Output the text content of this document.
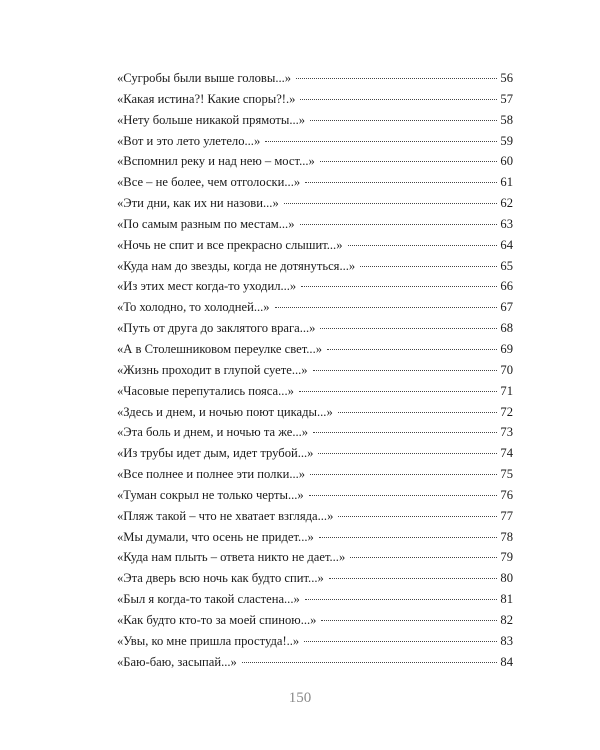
«Сугробы были выше головы...»	56
«Какая истина?! Какие споры?!.»	57
«Нету больше никакой прямоты...»	58
«Вот и это лето улетело...»	59
«Вспомнил реку и над нею – мост...»	60
«Все – не более, чем отголоски...»	61
«Эти дни, как их ни назови...»	62
«По самым разным по местам...»	63
«Ночь не спит и все прекрасно слышит...»	64
«Куда нам до звезды, когда не дотянуться...»	65
«Из этих мест когда-то уходил...»	66
«То холодно, то холодней...»	67
«Путь от друга до заклятого врага...»	68
«А в Столешниковом переулке свет...»	69
«Жизнь проходит в глупой суете...»	70
«Часовые перепутались пояса...»	71
«Здесь и днем, и ночью поют цикады...»	72
«Эта боль и днем, и ночью та же...»	73
«Из трубы идет дым, идет трубой...»	74
«Все полнее и полнее эти полки...»	75
«Туман сокрыл не только черты...»	76
«Пляж такой – что не хватает взгляда...»	77
«Мы думали, что осень не придет...»	78
«Куда нам плыть – ответа никто не дает...»	79
«Эта дверь всю ночь как будто спит...»	80
«Был я когда-то такой сластена...»	81
«Как будто кто-то за моей спиною...»	82
«Увы, ко мне пришла простуда!..»	83
«Баю-баю, засыпай...»	84
150
